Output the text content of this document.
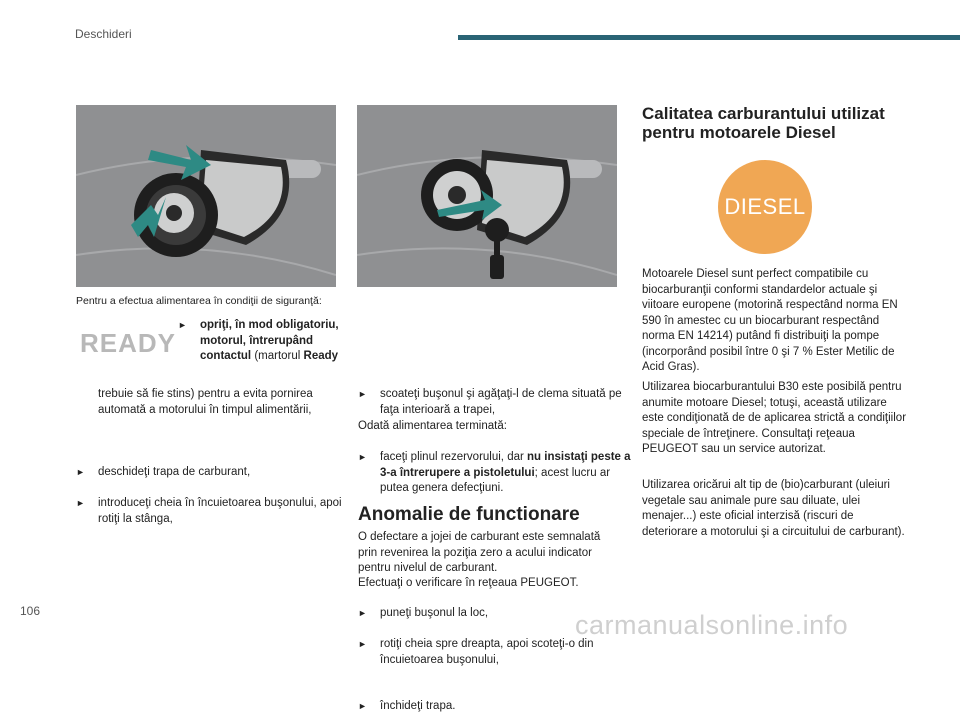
Deschideri
Pentru a efectua alimentarea în condiţii de siguranţă:
READY
► opriţi, în mod obligatoriu, motorul, întrerupând contactul (martorul Ready
trebuie să fie stins) pentru a evita pornirea automată a motorului în timpul alimentării,
► deschideţi trapa de carburant,
► introduceţi cheia în încuietoarea buşonului, apoi rotiţi la stânga,
► scoateţi buşonul şi agăţaţi-l de clema situată pe faţa interioară a trapei,
► faceţi plinul rezervorului, dar nu insistaţi peste a 3-a întrerupere a pistoletului; acest lucru ar putea genera defecţiuni.
Odată alimentarea terminată:
► puneţi buşonul la loc,
► rotiţi cheia spre dreapta, apoi scoteţi-o din încuietoarea buşonului,
► închideţi trapa.
Anomalie de functionare
O defectare a jojei de carburant este semnalată prin revenirea la poziţia zero a acului indicator pentru nivelul de carburant.
Efectuaţi o verificare în reţeaua PEUGEOT.
Calitatea carburantului utilizat pentru motoarele Diesel
DIESEL
Motoarele Diesel sunt perfect compatibile cu biocarburanţii conformi standardelor actuale şi viitoare europene (motorină respectând norma EN 590 în amestec cu un biocarburant respectând norma EN 14214) putând fi distribuiţi la pompe (incorporând posibil între 0 şi 7 % Ester Metilic de Acid Gras).
Utilizarea biocarburantului B30 este posibilă pentru anumite motoare Diesel; totuşi, această utilizare este condiţionată de de aplicarea strictă a condiţiilor speciale de întreţinere. Consultaţi reţeaua PEUGEOT sau un service autorizat.
Utilizarea oricărui alt tip de (bio)carburant (uleiuri vegetale sau animale pure sau diluate, ulei menajer...) este oficial interzisă (riscuri de deteriorare a motorului şi a circuitului de carburant).
106	carmanualsonline.info
